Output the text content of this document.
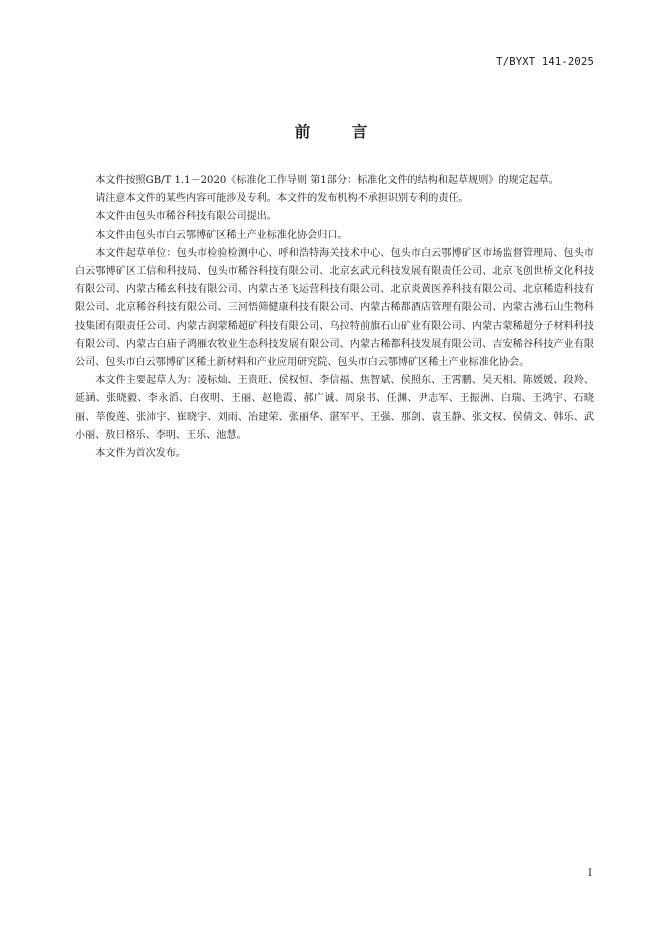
T/BYXT 141-2025
前　言

本文件按照GB/T 1.1－2020《标准化工作导则 第1部分：标准化文件的结构和起草规则》的规定起草。

请注意本文件的某些内容可能涉及专利。本文件的发布机构不承担识别专利的责任。

本文件由包头市稀谷科技有限公司提出。

本文件由包头市白云鄂博矿区稀土产业标准化协会归口。

本文件起草单位：包头市检验检测中心、呼和浩特海关技术中心、包头市白云鄂博矿区市场监督管理局、包头市白云鄂博矿区工信和科技局、包头市稀谷科技有限公司、北京玄武元科技发展有限责任公司、北京飞创世桥文化科技有限公司、内蒙古稀玄科技有限公司、内蒙古圣飞运营科技有限公司、北京炎黄医养科技有限公司、北京稀造科技有限公司、北京稀谷科技有限公司、三河悟筛健康科技有限公司、内蒙古稀都酒店管理有限公司、内蒙古沸石山生物科技集团有限责任公司、内蒙古润蒙稀超矿科技有限公司、乌拉特前旗石山矿业有限公司、内蒙古蒙稀超分子材料科技有限公司、内蒙古白庙子鸿雁农牧业生态科技发展有限公司、内蒙古稀都科技发展有限公司、吉安稀谷科技产业有限公司、包头市白云鄂博矿区稀土新材料和产业应用研究院、包头市白云鄂博矿区稀土产业标准化协会。

本文件主要起草人为：凌标灿、王贵旺、侯权恒、李信福、焦智斌、侯照东、王霄鹏、吴天相、陈媛媛、段羚、延涵、张晓毅、李永滔、白夜明、王丽、赵艳霞、郝广诚、周泉书、任渊、尹志军、王振洲、白瑞、王鸿宇、石晓丽、莘俊莲、张沛宇、崔晓宇、刘雨、冶建荣、张丽华、湛军平、王强、那剑、袁玉静、张文权、侯倩文、韩乐、武小丽、敖日格乐、李明、王乐、池慧。

本文件为首次发布。

I
